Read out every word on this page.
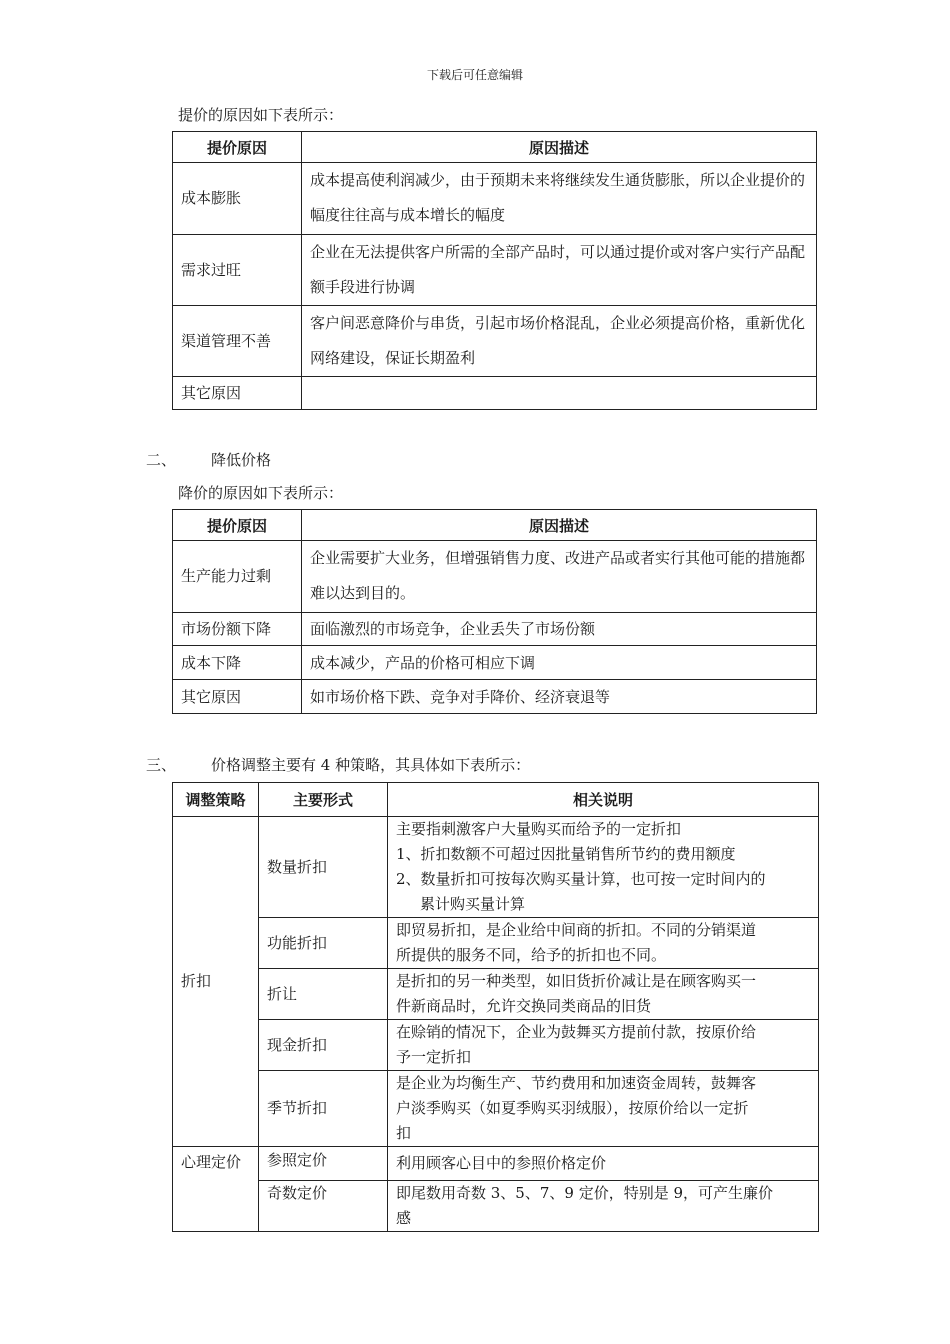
下载后可任意编辑
提价的原因如下表所示：
提价原因	原因描述
成本膨胀	成本提高使利润减少，由于预期未来将继续发生通货膨胀，所以企业提价的幅度往往高与成本增长的幅度
需求过旺	企业在无法提供客户所需的全部产品时，可以通过提价或对客户实行产品配额手段进行协调
渠道管理不善	客户间恶意降价与串货，引起市场价格混乱，企业必须提高价格，重新优化网络建设，保证长期盈利
其它原因	
二、 降低价格
降价的原因如下表所示：
提价原因	原因描述
生产能力过剩	企业需要扩大业务，但增强销售力度、改进产品或者实行其他可能的措施都难以达到目的。
市场份额下降	面临激烈的市场竞争，企业丢失了市场份额
成本下降	成本减少，产品的价格可相应下调
其它原因	如市场价格下跌、竞争对手降价、经济衰退等
三、 价格调整主要有 4 种策略，其具体如下表所示：
调整策略	主要形式	相关说明
折扣	数量折扣	主要指刺激客户大量购买而给予的一定折扣
1、折扣数额不可超过因批量销售所节约的费用额度
2、数量折扣可按每次购买量计算，也可按一定时间内的
累计购买量计算

	功能折扣	即贸易折扣，是企业给中间商的折扣。不同的分销渠道
所提供的服务不同，给予的折扣也不同。

	折让	是折扣的另一种类型，如旧货折价减让是在顾客购买一
件新商品时，允许交换同类商品的旧货

	现金折扣	在赊销的情况下，企业为鼓舞买方提前付款，按原价给
予一定折扣

	季节折扣	是企业为均衡生产、节约费用和加速资金周转，鼓舞客
户淡季购买（如夏季购买羽绒服），按原价给以一定折
扣

心理定价	参照定价	利用顾客心目中的参照价格定价

	奇数定价	即尾数用奇数 3、5、7、9 定价，特别是 9，可产生廉价
感
